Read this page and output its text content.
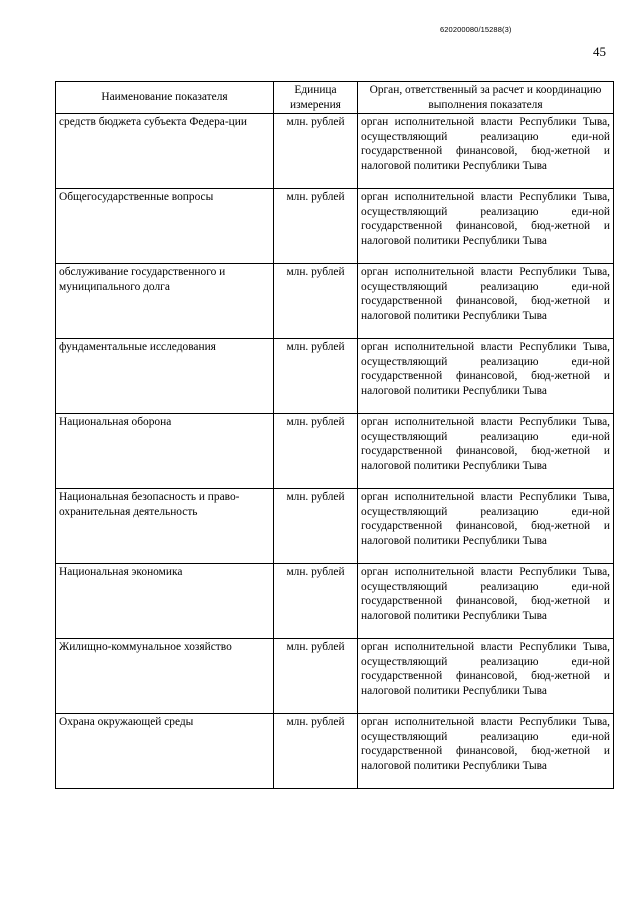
620200080/15288(3)
45
Наименование показателя	Единица измерения	Орган, ответственный за расчет и координацию выполнения показателя
средств бюджета субъекта Федера-ции	млн. рублей	орган исполнительной власти Республики Тыва, осуществляющий реализацию еди-ной государственной финансовой, бюд-жетной и налоговой политики Республики Тыва
Общегосударственные вопросы	млн. рублей	орган исполнительной власти Республики Тыва, осуществляющий реализацию еди-ной государственной финансовой, бюд-жетной и налоговой политики Республики Тыва
обслуживание государственного и муниципального долга	млн. рублей	орган исполнительной власти Республики Тыва, осуществляющий реализацию еди-ной государственной финансовой, бюд-жетной и налоговой политики Республики Тыва
фундаментальные исследования	млн. рублей	орган исполнительной власти Республики Тыва, осуществляющий реализацию еди-ной государственной финансовой, бюд-жетной и налоговой политики Республики Тыва
Национальная оборона	млн. рублей	орган исполнительной власти Республики Тыва, осуществляющий реализацию еди-ной государственной финансовой, бюд-жетной и налоговой политики Республики Тыва
Национальная безопасность и право-охранительная деятельность	млн. рублей	орган исполнительной власти Республики Тыва, осуществляющий реализацию еди-ной государственной финансовой, бюд-жетной и налоговой политики Республики Тыва
Национальная экономика	млн. рублей	орган исполнительной власти Республики Тыва, осуществляющий реализацию еди-ной государственной финансовой, бюд-жетной и налоговой политики Республики Тыва
Жилищно-коммунальное хозяйство	млн. рублей	орган исполнительной власти Республики Тыва, осуществляющий реализацию еди-ной государственной финансовой, бюд-жетной и налоговой политики Республики Тыва
Охрана окружающей среды	млн. рублей	орган исполнительной власти Республики Тыва, осуществляющий реализацию еди-ной государственной финансовой, бюд-жетной и налоговой политики Республики Тыва
